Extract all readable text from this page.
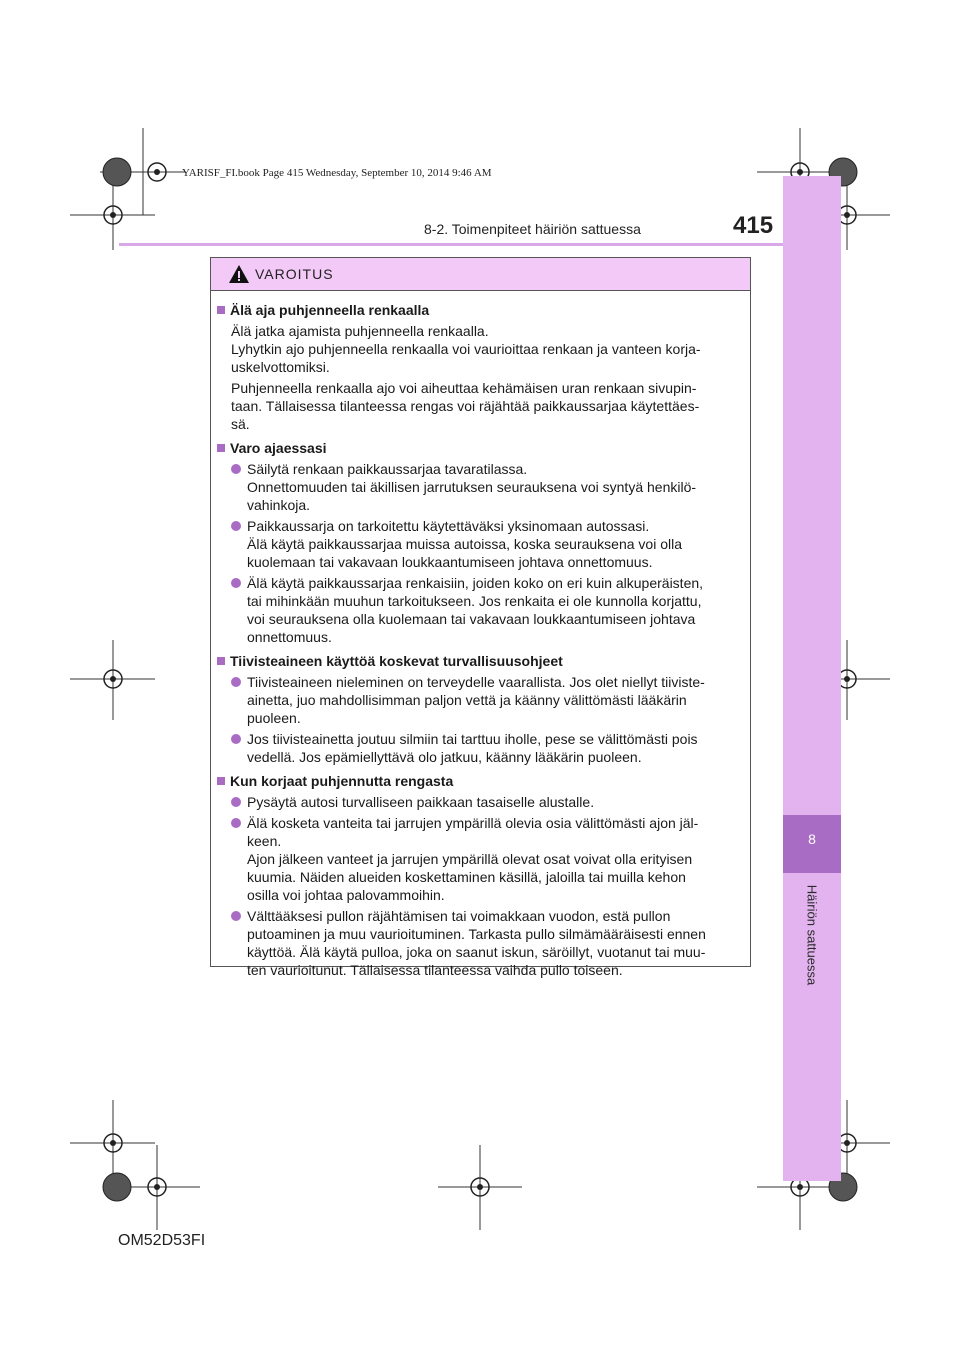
8
Häiriön sattuessa
YARISF_FI.book Page 415 Wednesday, September 10, 2014 9:46 AM
8-2. Toimenpiteet häiriön sattuessa	415
VAROITUS
Älä aja puhjenneella renkaalla
Älä jatka ajamista puhjenneella renkaalla.
Lyhytkin ajo puhjenneella renkaalla voi vaurioittaa renkaan ja vanteen korja-
uskelvottomiksi.
Puhjenneella renkaalla ajo voi aiheuttaa kehämäisen uran renkaan sivupin-
taan. Tällaisessa tilanteessa rengas voi räjähtää paikkaussarjaa käytettäes-
sä.
Varo ajaessasi
Säilytä renkaan paikkaussarjaa tavaratilassa.
Onnettomuuden tai äkillisen jarrutuksen seurauksena voi syntyä henkilö-
vahinkoja.
Paikkaussarja on tarkoitettu käytettäväksi yksinomaan autossasi.
Älä käytä paikkaussarjaa muissa autoissa, koska seurauksena voi olla
kuolemaan tai vakavaan loukkaantumiseen johtava onnettomuus.
Älä käytä paikkaussarjaa renkaisiin, joiden koko on eri kuin alkuperäisten,
tai mihinkään muuhun tarkoitukseen. Jos renkaita ei ole kunnolla korjattu,
voi seurauksena olla kuolemaan tai vakavaan loukkaantumiseen johtava
onnettomuus.
Tiivisteaineen käyttöä koskevat turvallisuusohjeet
Tiivisteaineen nieleminen on terveydelle vaarallista. Jos olet niellyt tiiviste-
ainetta, juo mahdollisimman paljon vettä ja käänny välittömästi lääkärin
puoleen.
Jos tiivisteainetta joutuu silmiin tai tarttuu iholle, pese se välittömästi pois
vedellä. Jos epämiellyttävä olo jatkuu, käänny lääkärin puoleen.
Kun korjaat puhjennutta rengasta
Pysäytä autosi turvalliseen paikkaan tasaiselle alustalle.
Älä kosketa vanteita tai jarrujen ympärillä olevia osia välittömästi ajon jäl-
keen.
Ajon jälkeen vanteet ja jarrujen ympärillä olevat osat voivat olla erityisen
kuumia. Näiden alueiden koskettaminen käsillä, jaloilla tai muilla kehon
osilla voi johtaa palovammoihin.
Välttääksesi pullon räjähtämisen tai voimakkaan vuodon, estä pullon
putoaminen ja muu vaurioituminen. Tarkasta pullo silmämääräisesti ennen
käyttöä. Älä käytä pulloa, joka on saanut iskun, säröillyt, vuotanut tai muu-
ten vaurioitunut. Tällaisessa tilanteessa vaihda pullo toiseen.
OM52D53FI
